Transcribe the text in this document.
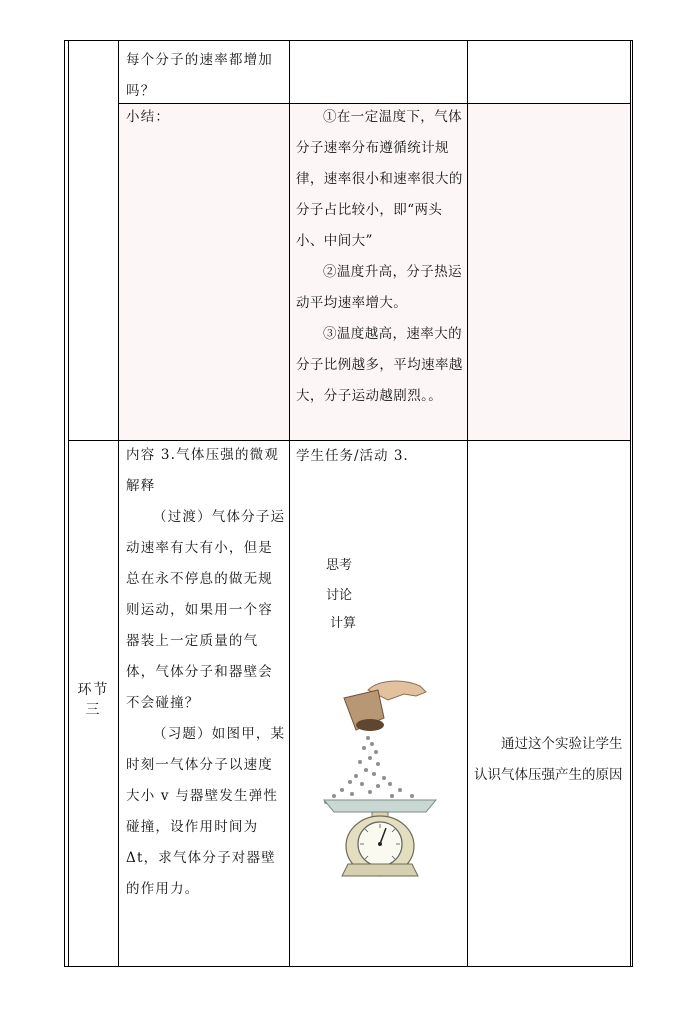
每个分子的速率都增加吗？

小结：	①在一定温度下，气体分子速率分布遵循统计规律，速率很小和速率很大的分子占比较小，即“两头小、中间大”

②温度升高，分子热运动平均速率增大。

③温度越高，速率大的分子比例越多，平均速率越大，分子运动越剧烈。。

环节三

内容 3.气体压强的微观解释

（过渡）气体分子运动速率有大有小，但是总在永不停息的做无规则运动，如果用一个容器装上一定质量的气体，气体分子和器壁会不会碰撞？

（习题）如图甲，某时刻一气体分子以速度大小 v 与器壁发生弹性碰撞，设作用时间为Δt，求气体分子对器壁的作用力。

学生任务/活动 3.
思考
讨论
计算

通过这个实验让学生认识气体压强产生的原因
